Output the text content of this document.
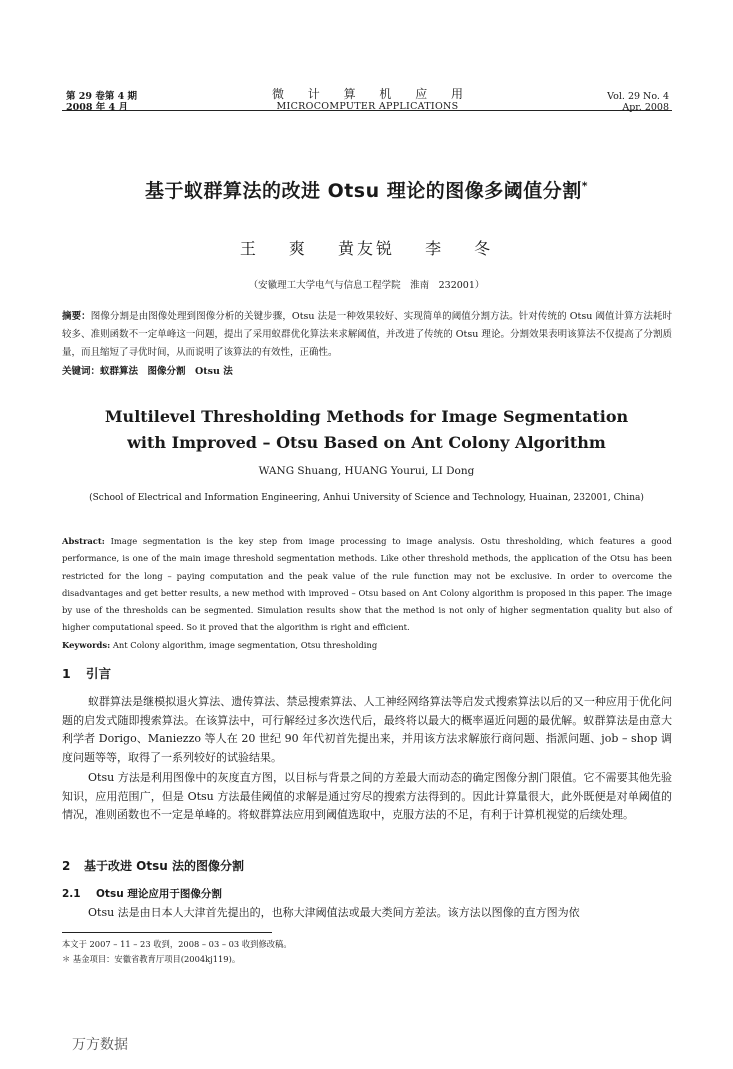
第 29 卷第 4 期
2008 年 4 月
微 计 算 机 应 用
MICROCOMPUTER APPLICATIONS
Vol. 29 No. 4
Apr. 2008
基于蚁群算法的改进 Otsu 理论的图像多阈值分割*
王 爽 黄友锐 李 冬
（安徽理工大学电气与信息工程学院　淮南　232001）
摘要：图像分割是由图像处理到图像分析的关键步骤，Otsu 法是一种效果较好、实现简单的阈值分割方法。针对传统的 Otsu 阈值计算方法耗时较多、准则函数不一定单峰这一问题，提出了采用蚁群优化算法来求解阈值，并改进了传统的 Otsu 理论。分割效果表明该算法不仅提高了分割质量，而且缩短了寻优时间，从而说明了该算法的有效性，正确性。
关键词：蚁群算法　图像分割　Otsu 法
Multilevel Thresholding Methods for Image Segmentation
with Improved – Otsu Based on Ant Colony Algorithm
WANG Shuang, HUANG Yourui, LI Dong
(School of Electrical and Information Engineering, Anhui University of Science and Technology, Huainan, 232001, China)
Abstract: Image segmentation is the key step from image processing to image analysis. Ostu thresholding, which features a good performance, is one of the main image threshold segmentation methods. Like other threshold methods, the application of the Otsu has been restricted for the long – paying computation and the peak value of the rule function may not be exclusive. In order to overcome the disadvantages and get better results, a new method with improved – Otsu based on Ant Colony algorithm is proposed in this paper. The image by use of the thresholds can be segmented. Simulation results show that the method is not only of higher segmentation quality but also of higher computational speed. So it proved that the algorithm is right and efficient.
Keywords: Ant Colony algorithm, image segmentation, Otsu thresholding
1 引言
蚁群算法是继模拟退火算法、遗传算法、禁忌搜索算法、人工神经网络算法等启发式搜索算法以后的又一种应用于优化问题的启发式随即搜索算法。在该算法中，可行解经过多次迭代后，最终将以最大的概率逼近问题的最优解。蚁群算法是由意大利学者 Dorigo、Maniezzo 等人在 20 世纪 90 年代初首先提出来，并用该方法求解旅行商问题、指派问题、job – shop 调度问题等等，取得了一系列较好的试验结果。
Otsu 方法是利用图像中的灰度直方图，以目标与背景之间的方差最大而动态的确定图像分割门限值。它不需要其他先验知识，应用范围广，但是 Otsu 方法最佳阈值的求解是通过穷尽的搜索方法得到的。因此计算量很大，此外既便是对单阈值的情况，准则函数也不一定是单峰的。将蚁群算法应用到阈值选取中，克服方法的不足，有利于计算机视觉的后续处理。
2 基于改进 Otsu 法的图像分割
2.1 Otsu 理论应用于图像分割
Otsu 法是由日本人大津首先提出的，也称大津阈值法或最大类间方差法。该方法以图像的直方图为依
本文于 2007 – 11 – 23 收到，2008 – 03 – 03 收到修改稿。
＊ 基金项目：安徽省教育厅项目(2004kj119)。
万方数据
